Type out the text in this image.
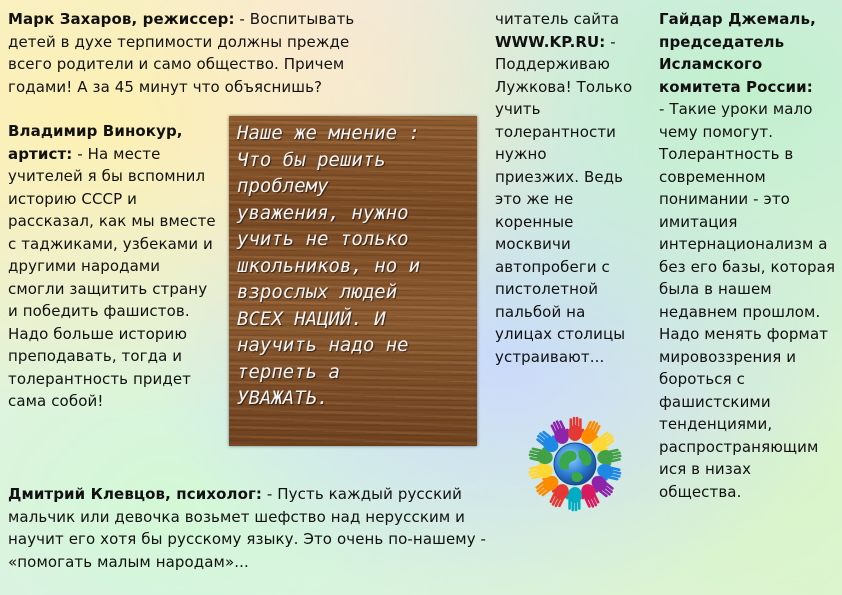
Марк Захаров, режиссер: - Воспитывать детей в духе терпимости должны прежде всего родители и само общество. Причем годами! А за 45 минут что объяснишь?

Владимир Винокур, артист: - На месте учителей я бы вспомнил историю СССР и рассказал, как мы вместе с таджиками, узбеками и другими народами смогли защитить страну и победить фашистов. Надо больше историю преподавать, тогда и толерантность придет сама собой!

Наше же мнение :
Что бы решить
проблему
уважения, нужно
учить не только
школьников, но и
взрослых людей
ВСЕХ НАЦИЙ. И
научить надо не
терпеть а
УВАЖАТЬ.

Дмитрий Клевцов, психолог: - Пусть каждый русский мальчик или девочка возьмет шефство над нерусским и научит его хотя бы русскому языку. Это очень по-нашему - «помогать малым народам»...

читатель сайта WWW.KP.RU: - Поддерживаю Лужкова! Только учить толерантности нужно приезжих. Ведь это же не коренные москвичи автопробеги с пистолетной пальбой на улицах столицы устраивают...

Гайдар Джемаль, председатель Исламского комитета России:
- Такие уроки мало чему помогут. Толерантность в современном понимании - это имитация интернационализм а без его базы, которая была в нашем недавнем прошлом. Надо менять формат мировоззрения и бороться с фашистскими тенденциями, распространяющим ися в низах общества.
